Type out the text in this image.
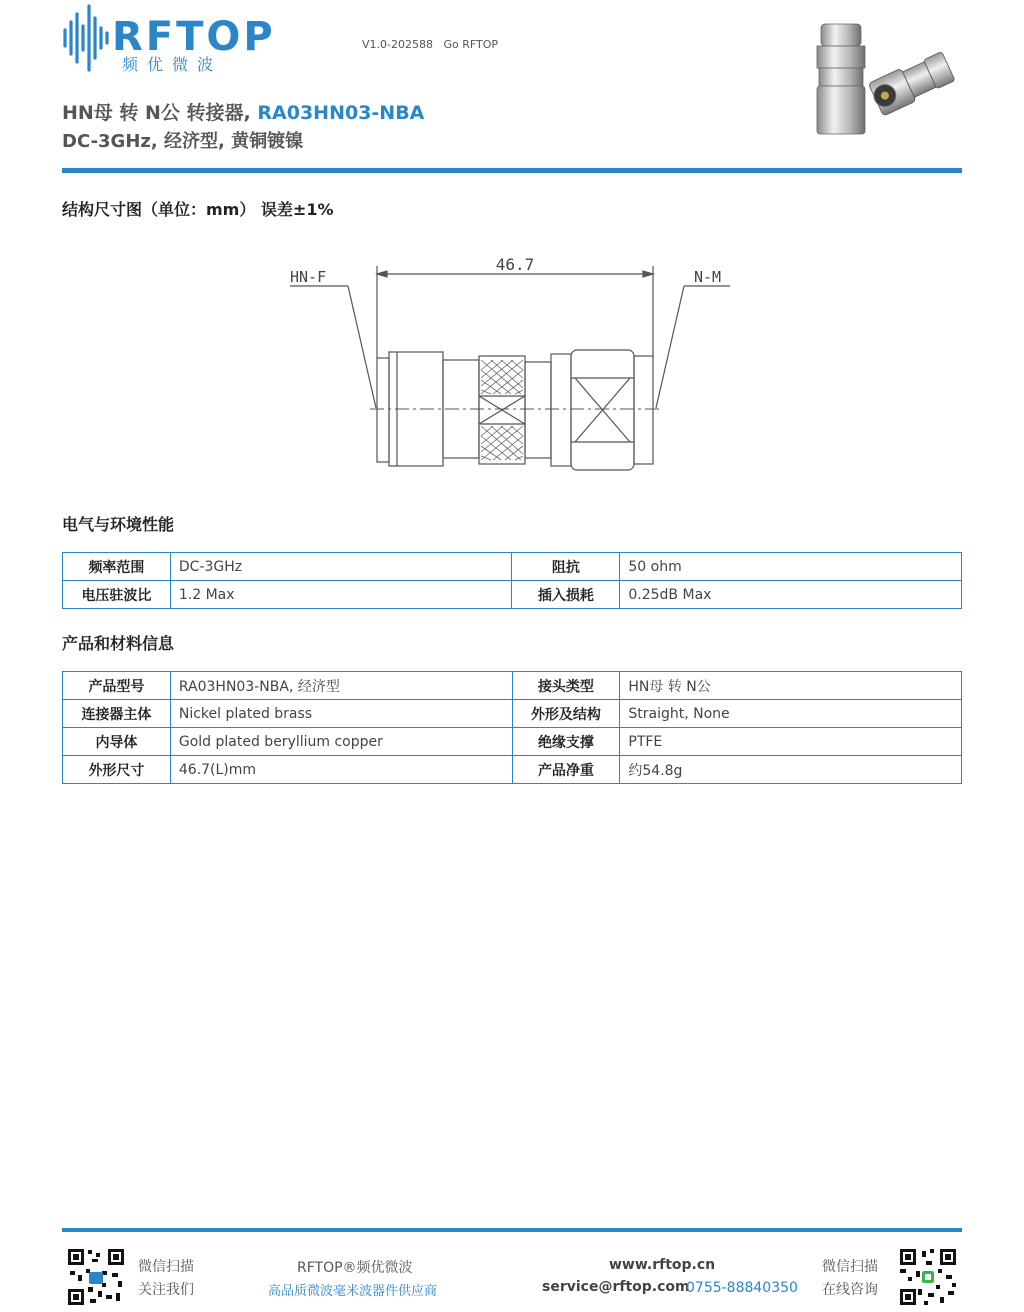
RFTOP
频优微波
V1.0-202588   Go RFTOP
HN母 转 N公 转接器, RA03HN03-NBA
DC-3GHz, 经济型, 黄铜镀镍
结构尺寸图（单位：mm） 误差±1%
46.7
HN-F	N-M
电气与环境性能
频率范围	DC-3GHz	阻抗	50 ohm
电压驻波比	1.2 Max	插入损耗	0.25dB Max
产品和材料信息
产品型号	RA03HN03-NBA, 经济型	接头类型	HN母 转 N公
连接器主体	Nickel plated brass	外形及结构	Straight, None
内导体	Gold plated beryllium copper	绝缘支撑	PTFE
外形尺寸	46.7(L)mm	产品净重	约54.8g
微信扫描
关注我们
RFTOP®频优微波
高品质微波毫米波器件供应商
www.rftop.cn
service@rftop.com
0755-88840350
微信扫描
在线咨询
